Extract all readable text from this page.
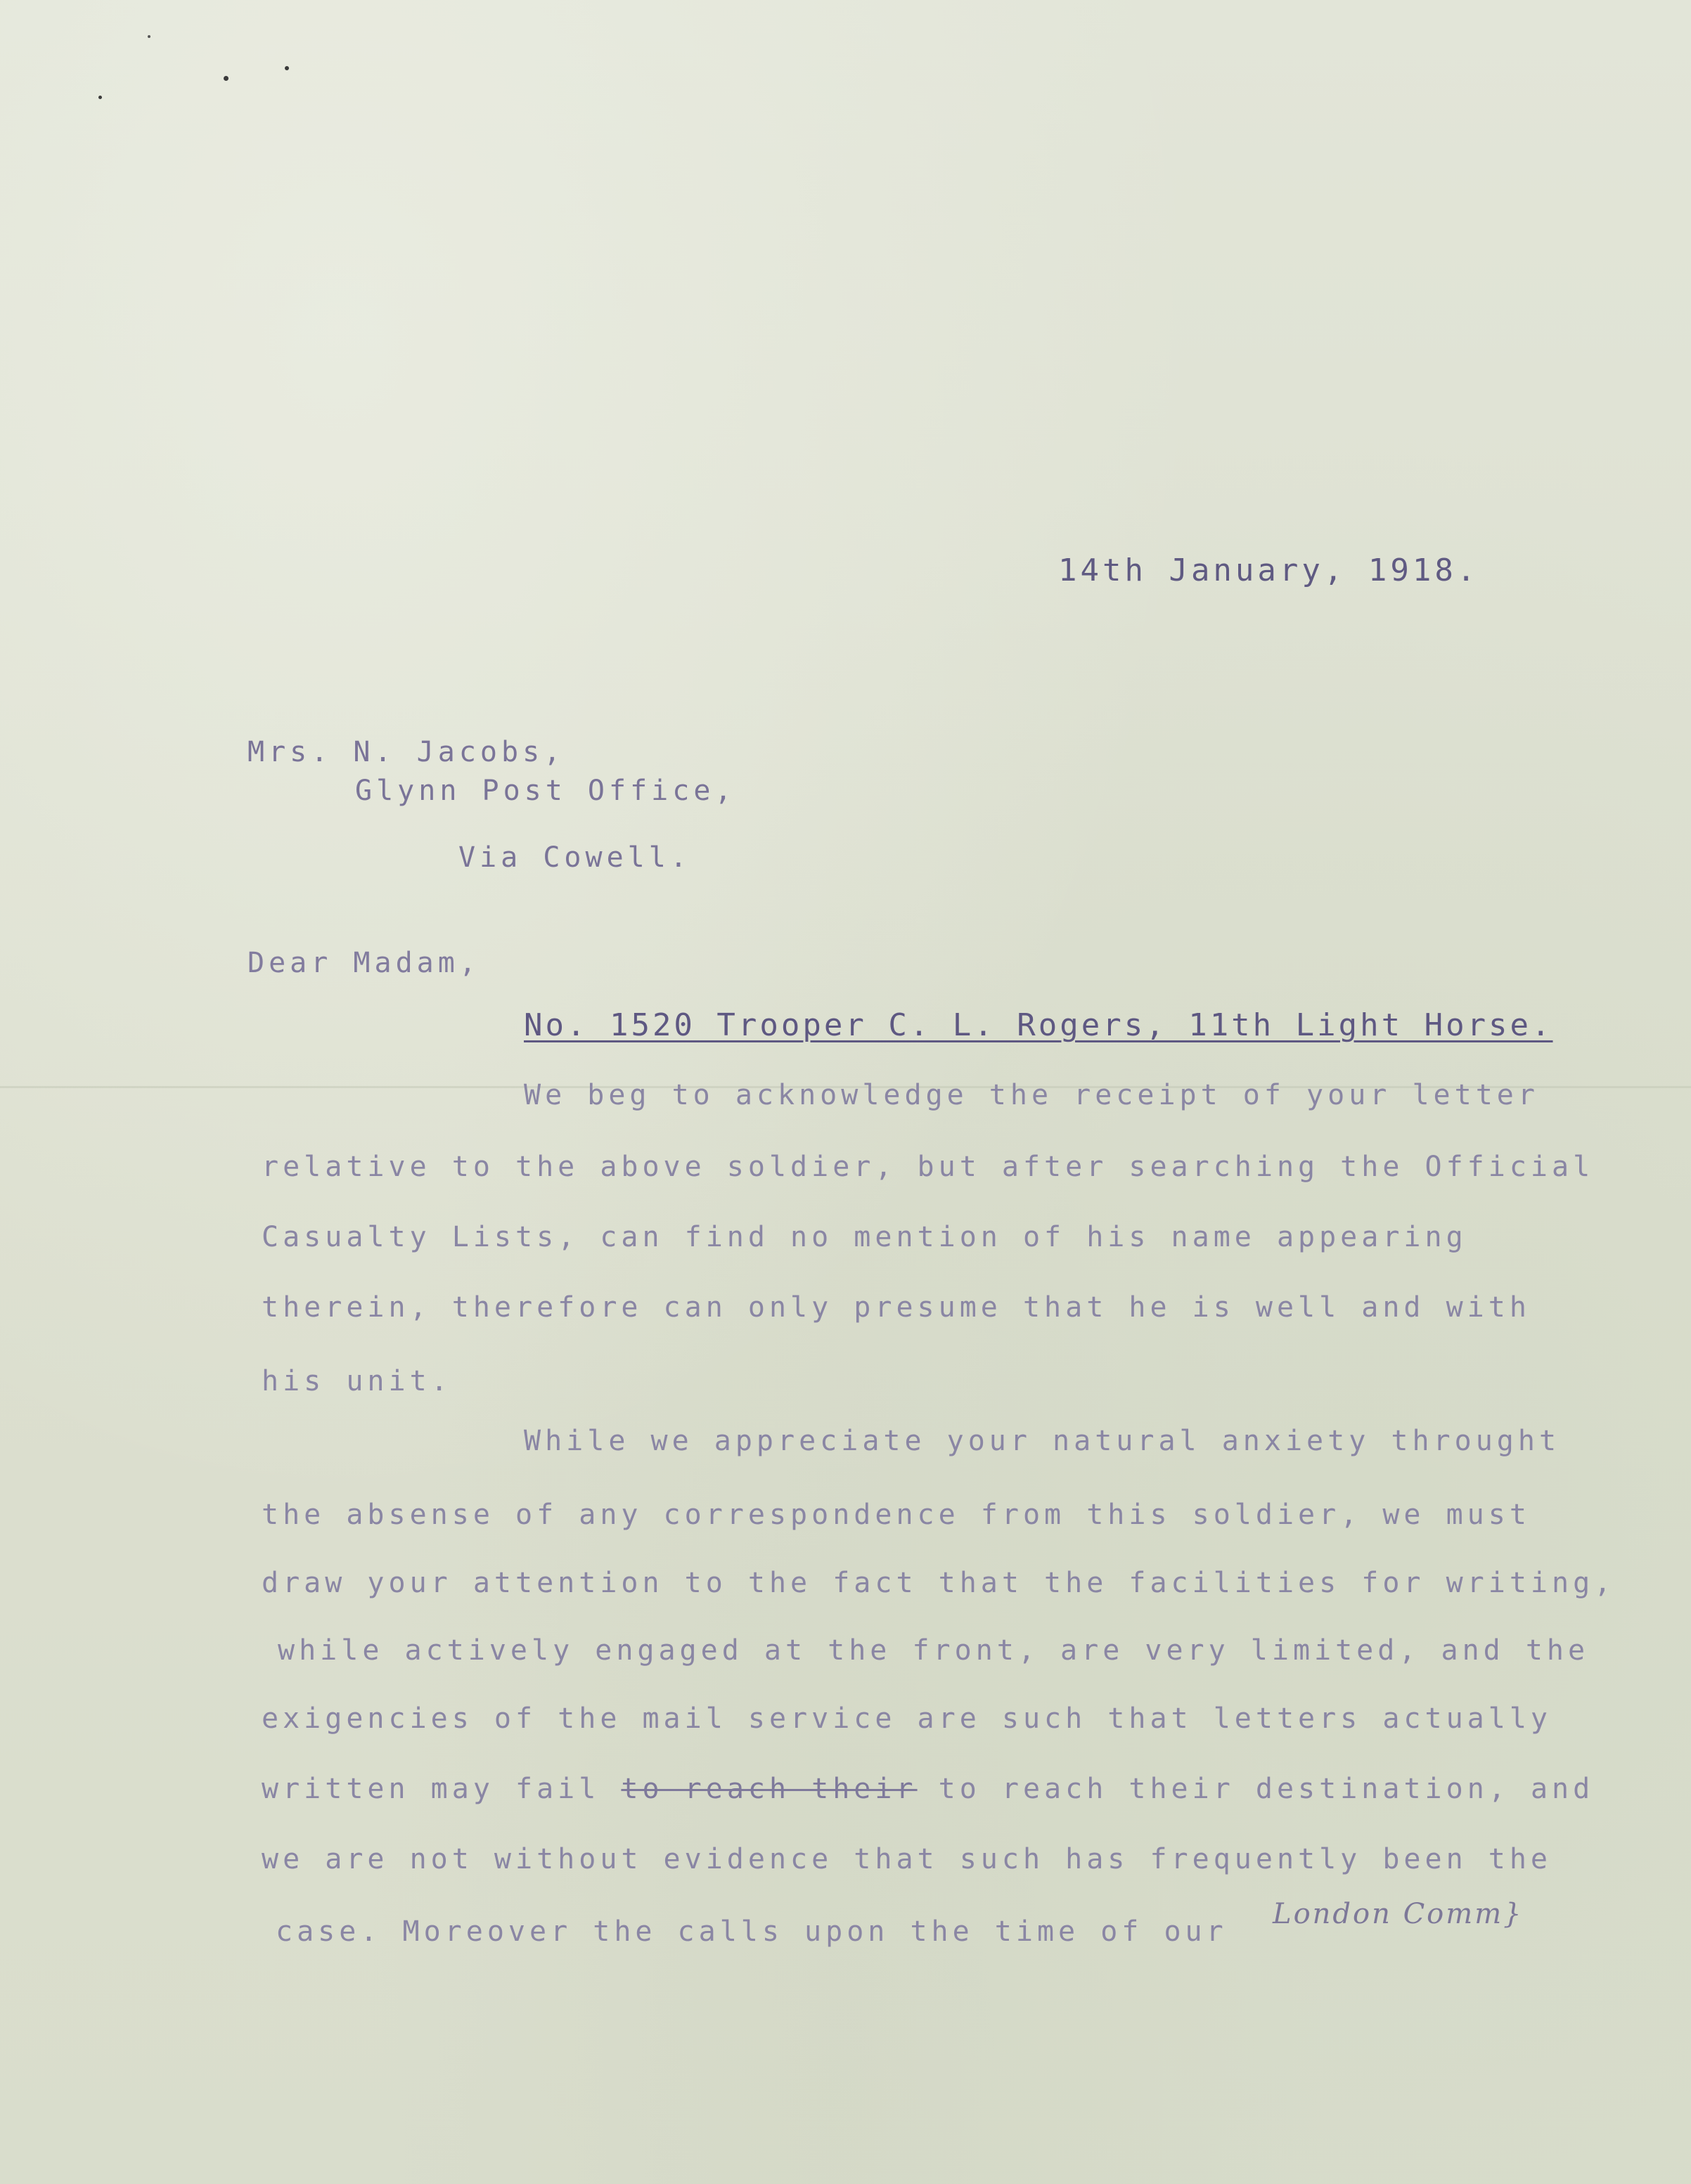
14th January, 1918.
Mrs. N. Jacobs,
Glynn Post Office,
Via Cowell.
Dear Madam,
No. 1520 Trooper C. L. Rogers, 11th Light Horse.
We beg to acknowledge the receipt of your letter
relative to the above soldier, but after searching the Official
Casualty Lists, can find no mention of his name appearing
therein, therefore can only presume that he is well and with
his unit.
While we appreciate your natural anxiety throught
the absense of any correspondence from this soldier, we must
draw your attention to the fact that the facilities for writing,
while actively engaged at the front, are very limited, and the
exigencies of the mail service are such that letters actually
written may fail to reach their to reach their destination, and
we are not without evidence that such has frequently been the
case. Moreover the calls upon the time of our
London Comm}
